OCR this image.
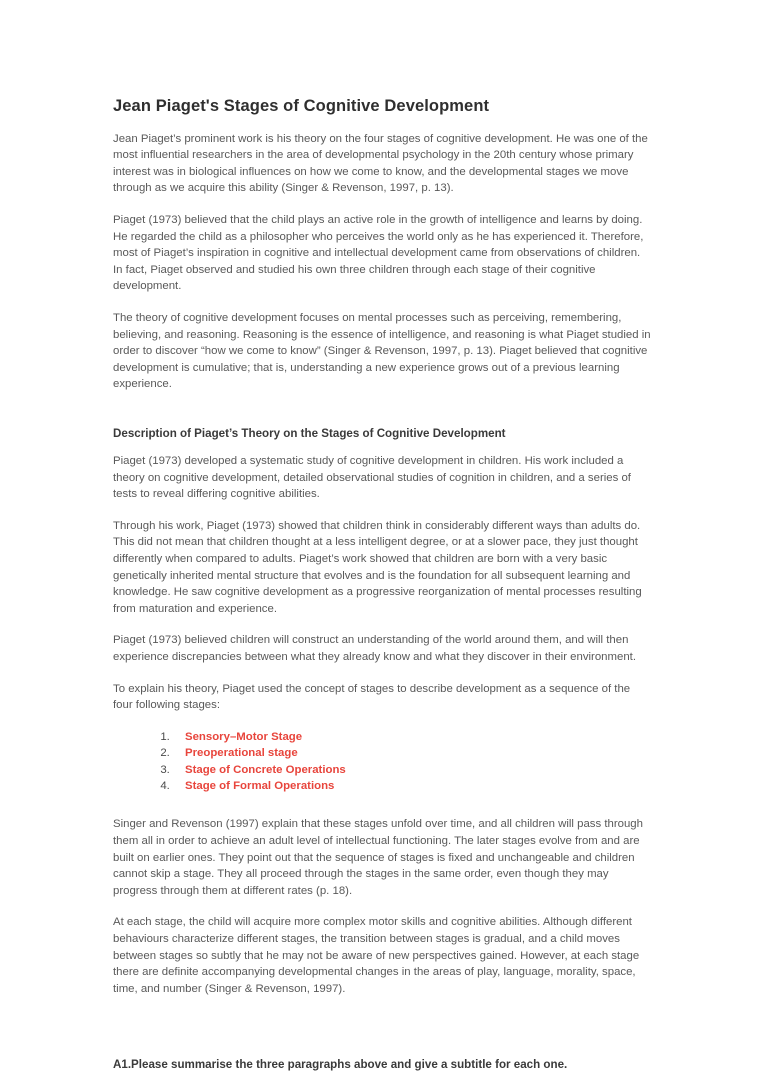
Jean Piaget's Stages of Cognitive Development

Jean Piaget’s prominent work is his theory on the four stages of cognitive development. He was one of the most influential researchers in the area of developmental psychology in the 20th century whose primary interest was in biological influences on how we come to know, and the developmental stages we move through as we acquire this ability (Singer & Revenson, 1997, p. 13).

Piaget (1973) believed that the child plays an active role in the growth of intelligence and learns by doing. He regarded the child as a philosopher who perceives the world only as he has experienced it. Therefore, most of Piaget’s inspiration in cognitive and intellectual development came from observations of children. In fact, Piaget observed and studied his own three children through each stage of their cognitive development.

The theory of cognitive development focuses on mental processes such as perceiving, remembering, believing, and reasoning. Reasoning is the essence of intelligence, and reasoning is what Piaget studied in order to discover “how we come to know” (Singer & Revenson, 1997, p. 13). Piaget believed that cognitive development is cumulative; that is, understanding a new experience grows out of a previous learning experience.

Description of Piaget’s Theory on the Stages of Cognitive Development

Piaget (1973) developed a systematic study of cognitive development in children. His work included a theory on cognitive development, detailed observational studies of cognition in children, and a series of tests to reveal differing cognitive abilities.

Through his work, Piaget (1973) showed that children think in considerably different ways than adults do. This did not mean that children thought at a less intelligent degree, or at a slower pace, they just thought differently when compared to adults. Piaget’s work showed that children are born with a very basic genetically inherited mental structure that evolves and is the foundation for all subsequent learning and knowledge. He saw cognitive development as a progressive reorganization of mental processes resulting from maturation and experience.

Piaget (1973) believed children will construct an understanding of the world around them, and will then experience discrepancies between what they already know and what they discover in their environment.

To explain his theory, Piaget used the concept of stages to describe development as a sequence of the four following stages:

1. Sensory–Motor Stage
2. Preoperational stage
3. Stage of Concrete Operations
4. Stage of Formal Operations

Singer and Revenson (1997) explain that these stages unfold over time, and all children will pass through them all in order to achieve an adult level of intellectual functioning. The later stages evolve from and are built on earlier ones. They point out that the sequence of stages is fixed and unchangeable and children cannot skip a stage. They all proceed through the stages in the same order, even though they may progress through them at different rates (p. 18).

At each stage, the child will acquire more complex motor skills and cognitive abilities. Although different behaviours characterize different stages, the transition between stages is gradual, and a child moves between stages so subtly that he may not be aware of new perspectives gained. However, at each stage there are definite accompanying developmental changes in the areas of play, language, morality, space, time, and number (Singer & Revenson, 1997).

A1.Please summarise the three paragraphs above and give a subtitle for each one.
